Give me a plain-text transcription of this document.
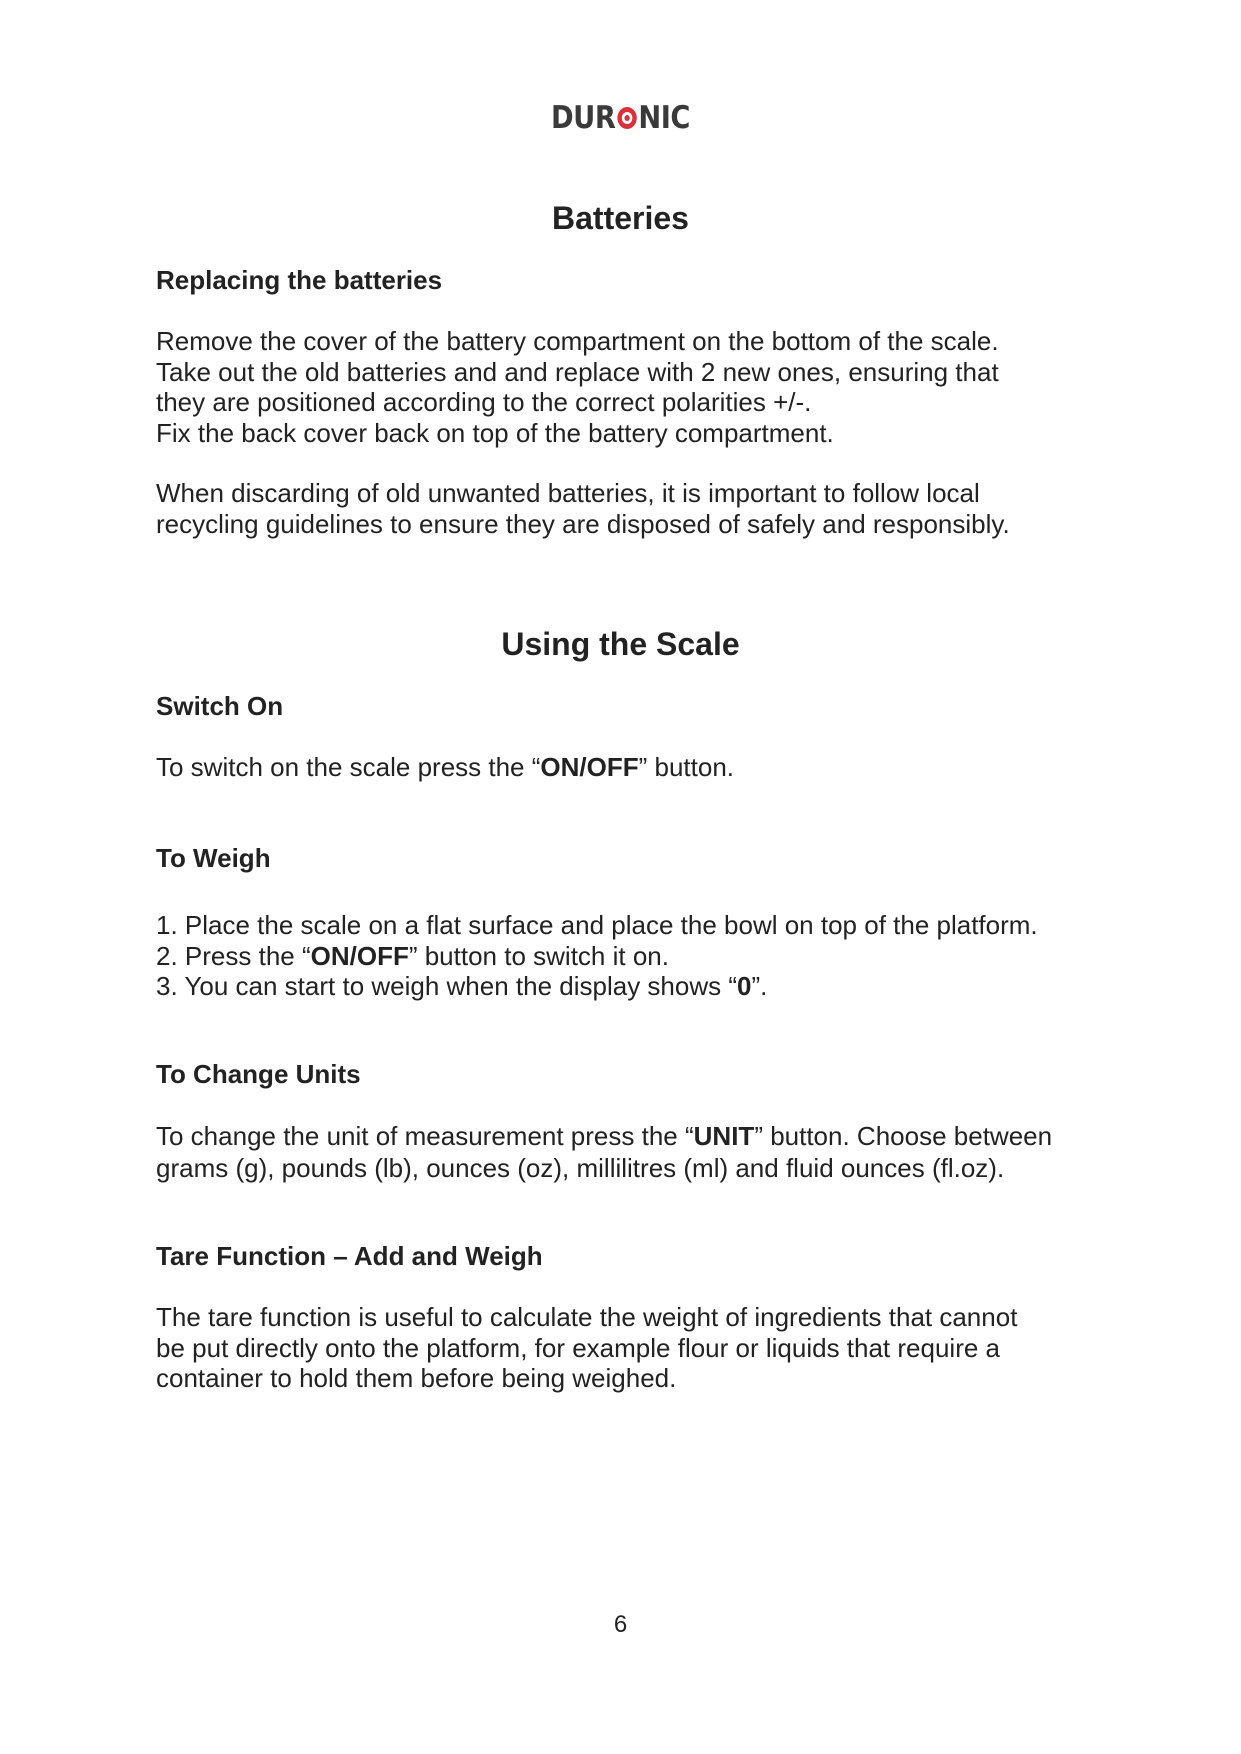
DUR NIC
Batteries
Replacing the batteries
Remove the cover of the battery compartment on the bottom of the scale.
Take out the old batteries and and replace with 2 new ones, ensuring that
they are positioned according to the correct polarities +/-.
Fix the back cover back on top of the battery compartment.
When discarding of old unwanted batteries, it is important to follow local
recycling guidelines to ensure they are disposed of safely and responsibly.
Using the Scale
Switch On
To switch on the scale press the “ON/OFF” button.
To Weigh
1. Place the scale on a flat surface and place the bowl on top of the platform.
2. Press the “ON/OFF” button to switch it on.
3. You can start to weigh when the display shows “0”.
To Change Units
To change the unit of measurement press the “UNIT” button. Choose between
grams (g), pounds (lb), ounces (oz), millilitres (ml) and fluid ounces (fl.oz).
Tare Function – Add and Weigh
The tare function is useful to calculate the weight of ingredients that cannot
be put directly onto the platform, for example flour or liquids that require a
container to hold them before being weighed.
6
